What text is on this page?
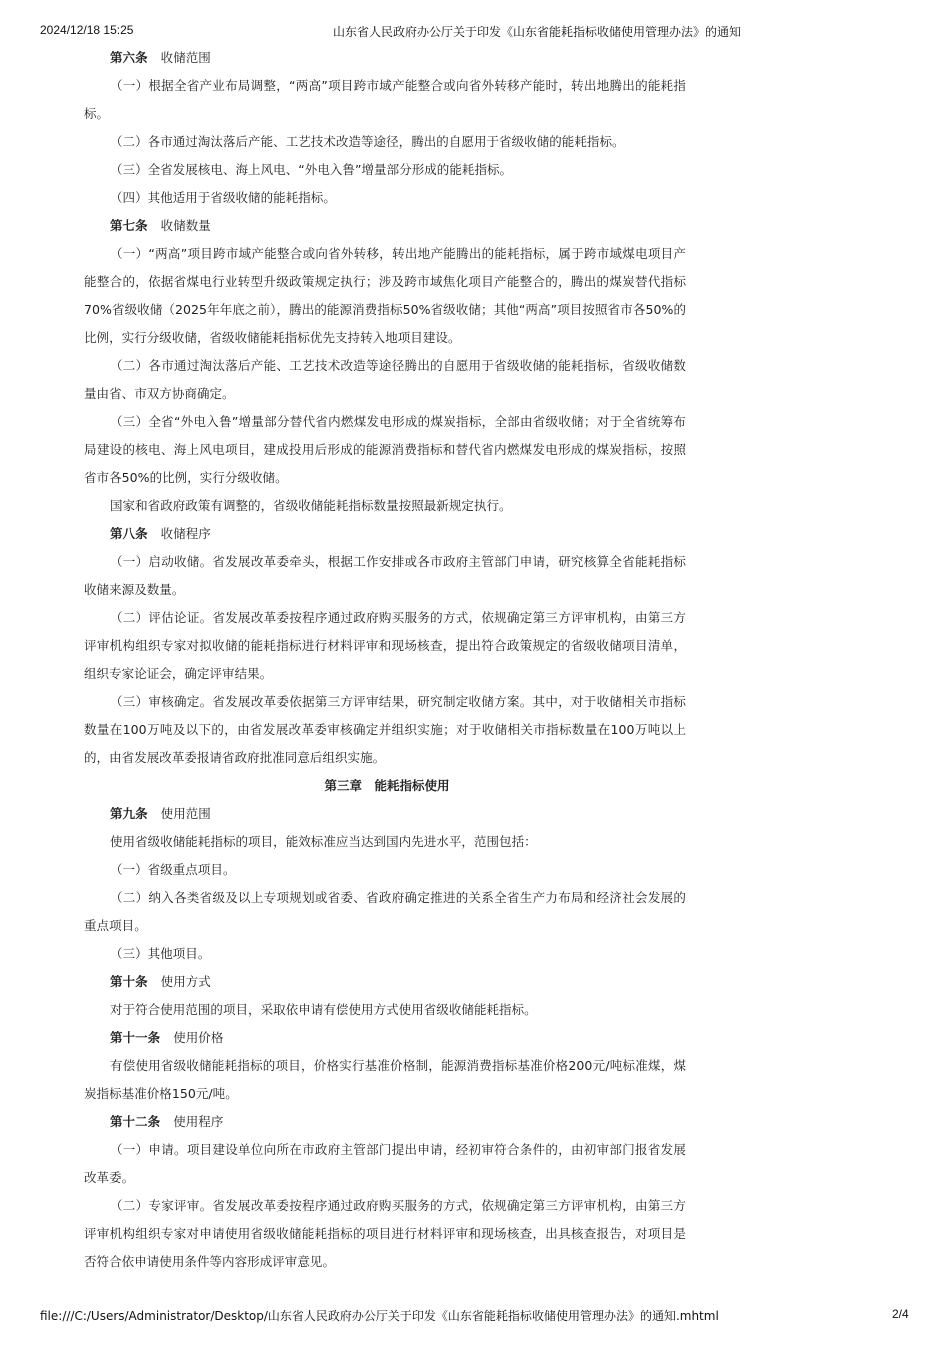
2024/12/18 15:25	山东省人民政府办公厅关于印发《山东省能耗指标收储使用管理办法》的通知

第六条 收储范围

（一）根据全省产业布局调整，“两高”项目跨市域产能整合或向省外转移产能时，转出地腾出的能耗指标。

（二）各市通过淘汰落后产能、工艺技术改造等途径，腾出的自愿用于省级收储的能耗指标。

（三）全省发展核电、海上风电、“外电入鲁”增量部分形成的能耗指标。

（四）其他适用于省级收储的能耗指标。

第七条 收储数量

（一）“两高”项目跨市域产能整合或向省外转移，转出地产能腾出的能耗指标，属于跨市域煤电项目产能整合的，依据省煤电行业转型升级政策规定执行；涉及跨市域焦化项目产能整合的，腾出的煤炭替代指标70%省级收储（2025年年底之前），腾出的能源消费指标50%省级收储；其他“两高”项目按照省市各50%的比例，实行分级收储，省级收储能耗指标优先支持转入地项目建设。

（二）各市通过淘汰落后产能、工艺技术改造等途径腾出的自愿用于省级收储的能耗指标，省级收储数量由省、市双方协商确定。

（三）全省“外电入鲁”增量部分替代省内燃煤发电形成的煤炭指标，全部由省级收储；对于全省统筹布局建设的核电、海上风电项目，建成投用后形成的能源消费指标和替代省内燃煤发电形成的煤炭指标，按照省市各50%的比例，实行分级收储。

国家和省政府政策有调整的，省级收储能耗指标数量按照最新规定执行。

第八条 收储程序

（一）启动收储。省发展改革委牵头，根据工作安排或各市政府主管部门申请，研究核算全省能耗指标收储来源及数量。

（二）评估论证。省发展改革委按程序通过政府购买服务的方式，依规确定第三方评审机构，由第三方评审机构组织专家对拟收储的能耗指标进行材料评审和现场核查，提出符合政策规定的省级收储项目清单，组织专家论证会，确定评审结果。

（三）审核确定。省发展改革委依据第三方评审结果，研究制定收储方案。其中，对于收储相关市指标数量在100万吨及以下的，由省发展改革委审核确定并组织实施；对于收储相关市指标数量在100万吨以上的，由省发展改革委报请省政府批准同意后组织实施。

第三章　能耗指标使用

第九条 使用范围

使用省级收储能耗指标的项目，能效标准应当达到国内先进水平，范围包括：

（一）省级重点项目。

（二）纳入各类省级及以上专项规划或省委、省政府确定推进的关系全省生产力布局和经济社会发展的重点项目。

（三）其他项目。

第十条 使用方式

对于符合使用范围的项目，采取依申请有偿使用方式使用省级收储能耗指标。

第十一条 使用价格

有偿使用省级收储能耗指标的项目，价格实行基准价格制，能源消费指标基准价格200元/吨标准煤，煤炭指标基准价格150元/吨。

第十二条 使用程序

（一）申请。项目建设单位向所在市政府主管部门提出申请，经初审符合条件的，由初审部门报省发展改革委。

（二）专家评审。省发展改革委按程序通过政府购买服务的方式，依规确定第三方评审机构，由第三方评审机构组织专家对申请使用省级收储能耗指标的项目进行材料评审和现场核查，出具核查报告，对项目是否符合依申请使用条件等内容形成评审意见。

file:///C:/Users/Administrator/Desktop/山东省人民政府办公厅关于印发《山东省能耗指标收储使用管理办法》的通知.mhtml	2/4
